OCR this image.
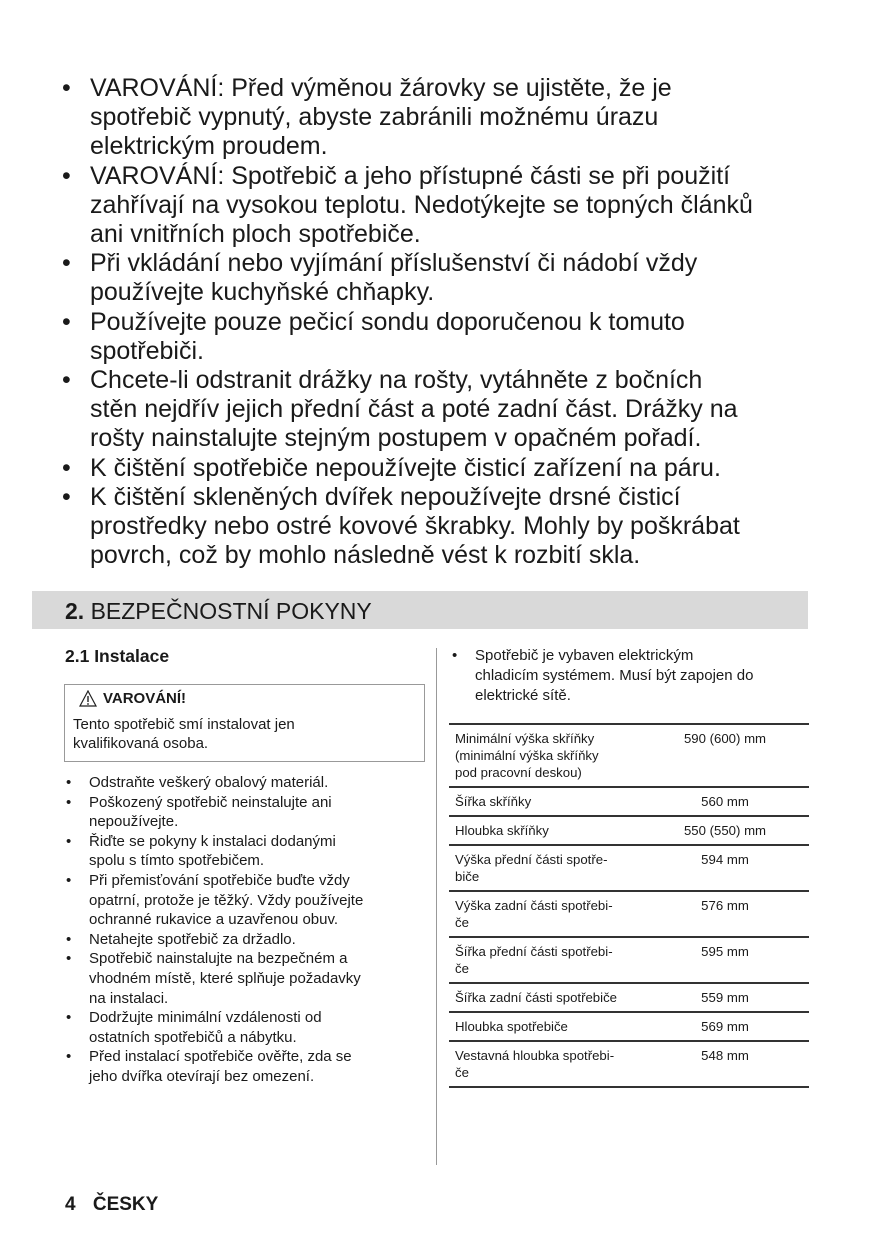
• VAROVÁNÍ: Před výměnou žárovky se ujistěte, že je
spotřebič vypnutý, abyste zabránili možnému úrazu
elektrickým proudem.
• VAROVÁNÍ: Spotřebič a jeho přístupné části se při použití
zahřívají na vysokou teplotu. Nedotýkejte se topných článků
ani vnitřních ploch spotřebiče.
• Při vkládání nebo vyjímání příslušenství či nádobí vždy
používejte kuchyňské chňapky.
• Používejte pouze pečicí sondu doporučenou k tomuto
spotřebiči.
• Chcete-li odstranit drážky na rošty, vytáhněte z bočních
stěn nejdřív jejich přední část a poté zadní část. Drážky na
rošty nainstalujte stejným postupem v opačném pořadí.
• K čištění spotřebiče nepoužívejte čisticí zařízení na páru.
• K čištění skleněných dvířek nepoužívejte drsné čisticí
prostředky nebo ostré kovové škrabky. Mohly by poškrábat
povrch, což by mohlo následně vést k rozbití skla.
2. BEZPEČNOSTNÍ POKYNY
2.1 Instalace
VAROVÁNÍ!
Tento spotřebič smí instalovat jen
kvalifikovaná osoba.
• Odstraňte veškerý obalový materiál.
• Poškozený spotřebič neinstalujte ani
nepoužívejte.
• Řiďte se pokyny k instalaci dodanými
spolu s tímto spotřebičem.
• Při přemisťování spotřebiče buďte vždy
opatrní, protože je těžký. Vždy používejte
ochranné rukavice a uzavřenou obuv.
• Netahejte spotřebič za držadlo.
• Spotřebič nainstalujte na bezpečném a
vhodném místě, které splňuje požadavky
na instalaci.
• Dodržujte minimální vzdálenosti od
ostatních spotřebičů a nábytku.
• Před instalací spotřebiče ověřte, zda se
jeho dvířka otevírají bez omezení.
• Spotřebič je vybaven elektrickým
chladicím systémem. Musí být zapojen do
elektrické sítě.
Minimální výška skříňky
(minimální výška skříňky
pod pracovní deskou)	590 (600) mm
Šířka skříňky	560 mm
Hloubka skříňky	550 (550) mm
Výška přední části spotře-
biče	594 mm
Výška zadní části spotřebi-
če	576 mm
Šířka přední části spotřebi-
če	595 mm
Šířka zadní části spotřebiče	559 mm
Hloubka spotřebiče	569 mm
Vestavná hloubka spotřebi-
če	548 mm
4 ČESKY
